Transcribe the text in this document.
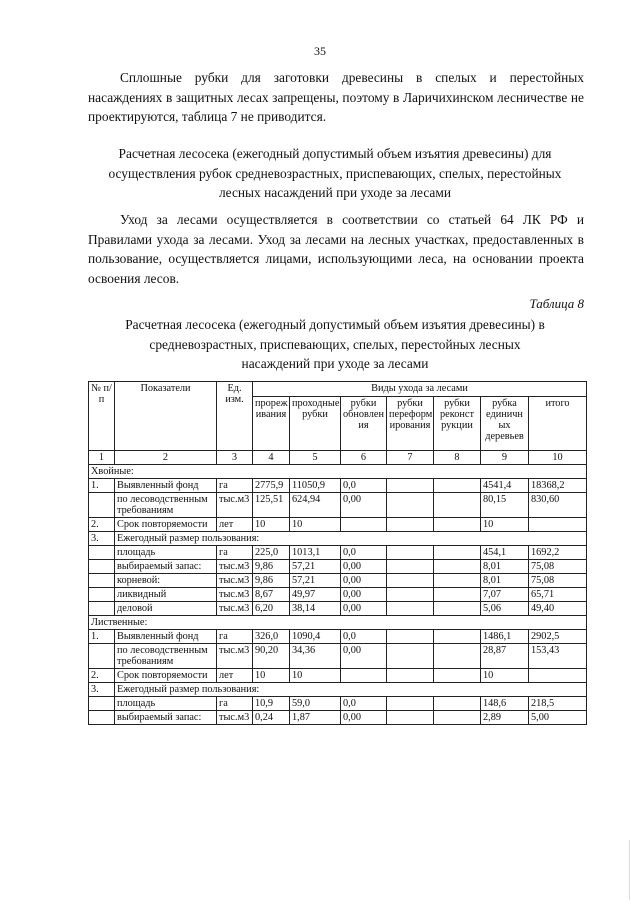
35
Сплошные рубки для заготовки древесины в спелых и перестойных насаждениях в защитных лесах запрещены, поэтому в Ларичихинском лесничестве не проектируются, таблица 7 не приводится.
Расчетная лесосека (ежегодный допустимый объем изъятия древесины) для осуществления рубок средневозрастных, приспевающих, спелых, перестойных лесных насаждений при уходе за лесами
Уход за лесами осуществляется в соответствии со статьей 64 ЛК РФ и Правилами ухода за лесами. Уход за лесами на лесных участках, предоставленных в пользование, осуществляется лицами, использующими леса, на основании проекта освоения лесов.
Таблица 8
Расчетная лесосека (ежегодный допустимый объем изъятия древесины) в средневозрастных, приспевающих, спелых, перестойных лесных насаждений при уходе за лесами
№ п/п	Показатели	Ед. изм.	Виды ухода за лесами						
			прореж ивания	проходные рубки	рубки обновлен ия	рубки переформ ирования	рубки реконст рукции	рубка единичн ых деревьев	итого
1	2	3	4	5	6	7	8	9	10
Хвойные:									
1.	Выявленный фонд	га	2775,9	11050,9	0,0			4541,4	18368,2
	по лесоводственным требованиям	тыс.м3	125,51	624,94	0,00			80,15	830,60
2.	Срок повторяемости	лет	10	10				10	
3.	Ежегодный размер пользования:								
	площадь	га	225,0	1013,1	0,0			454,1	1692,2
	выбираемый запас:	тыс.м3	9,86	57,21	0,00			8,01	75,08
	корневой:	тыс.м3	9,86	57,21	0,00			8,01	75,08
	ликвидный	тыс.м3	8,67	49,97	0,00			7,07	65,71
	деловой	тыс.м3	6,20	38,14	0,00			5,06	49,40
Лиственные:									
1.	Выявленный фонд	га	326,0	1090,4	0,0			1486,1	2902,5
	по лесоводственным требованиям	тыс.м3	90,20	34,36	0,00			28,87	153,43
2.	Срок повторяемости	лет	10	10				10	
3.	Ежегодный размер пользования:								
	площадь	га	10,9	59,0	0,0			148,6	218,5
	выбираемый запас:	тыс.м3	0,24	1,87	0,00			2,89	5,00
